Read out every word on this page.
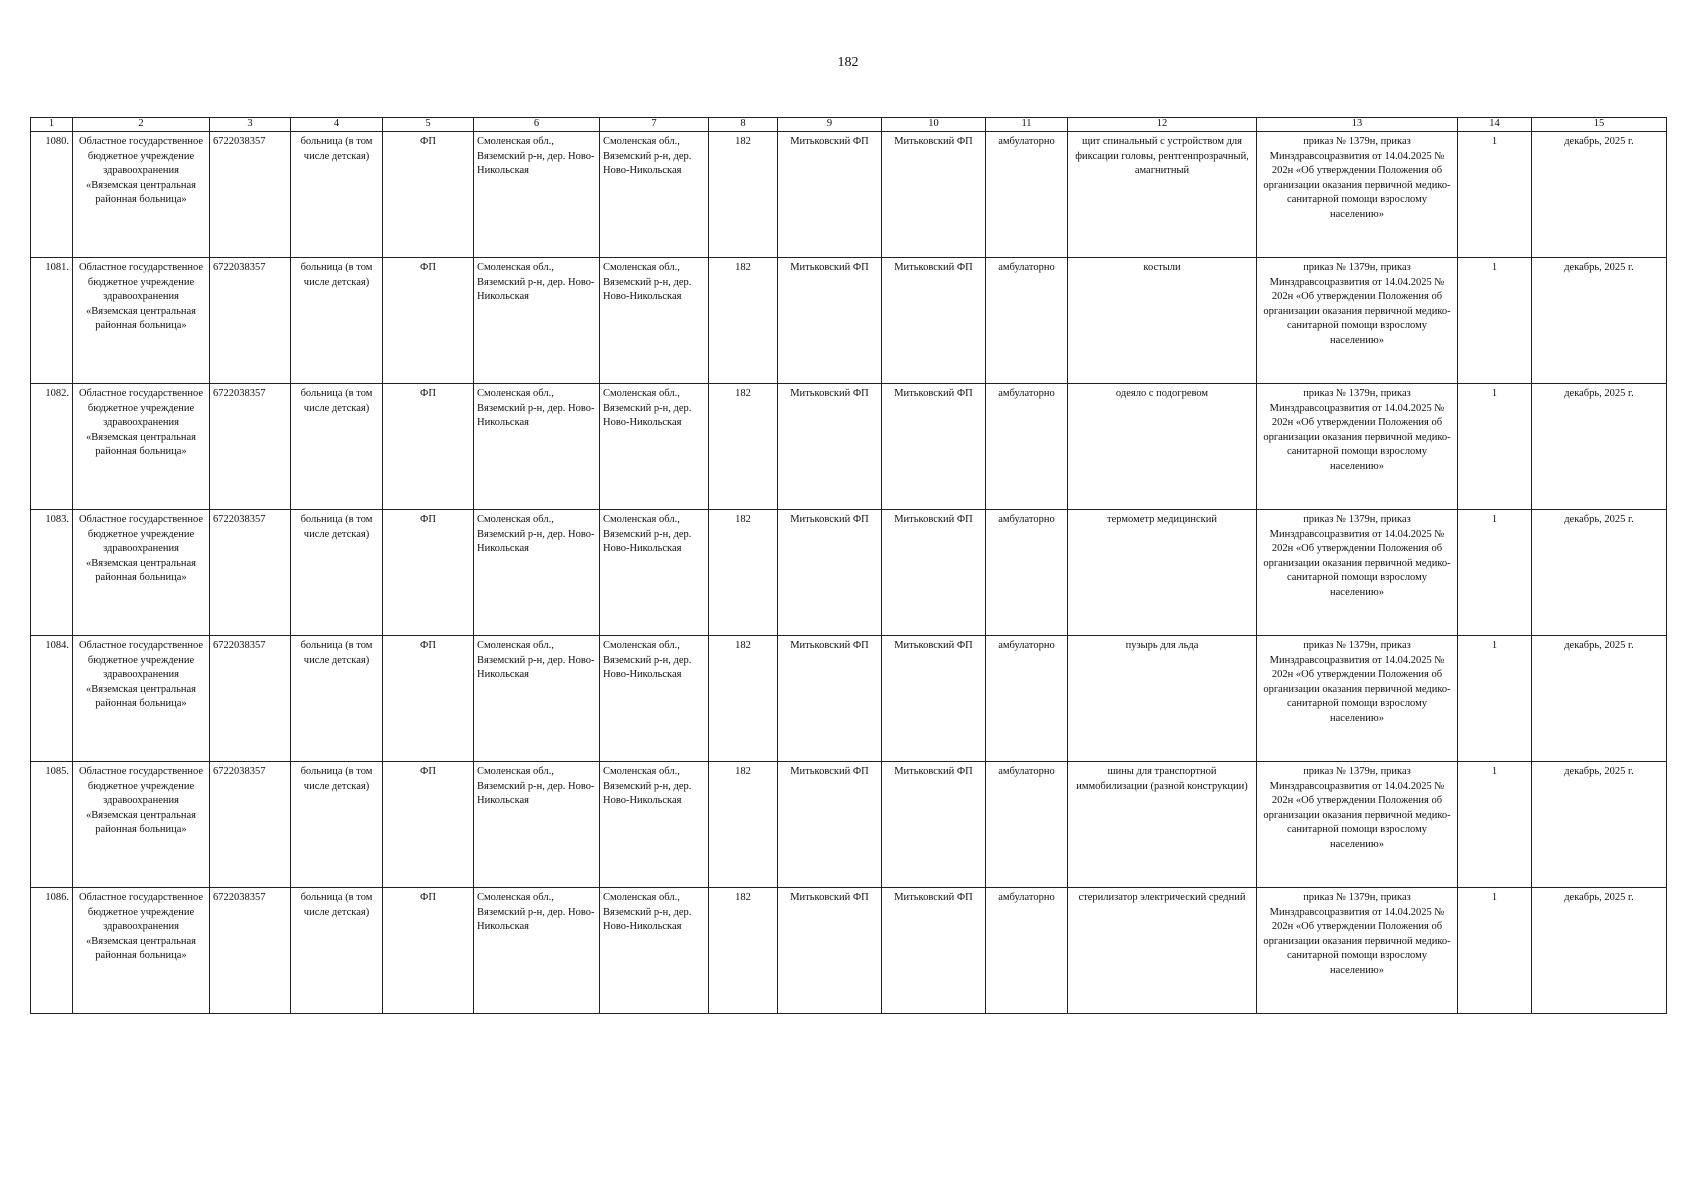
182
1	2	3	4	5	6	7	8	9	10	11	12	13	14	15
1080.	Областное государственное бюджетное учреждение здравоохранения «Вяземская центральная районная больница»	6722038357	больница (в том числе детская)	ФП	Смоленская обл., Вяземский р-н, дер. Ново-Никольская	Смоленская обл., Вяземский р-н, дер. Ново-Никольская	182	Митьковский ФП	Митьковский ФП	амбулаторно	щит спинальный с устройством для фиксации головы, рентгенпрозрачный, амагнитный	приказ № 1379н, приказ Минздравсоцразвития от 14.04.2025 № 202н «Об утверждении Положения об организации оказания первичной медико-санитарной помощи взрослому населению»	1	декабрь, 2025 г.
1081.	Областное государственное бюджетное учреждение здравоохранения «Вяземская центральная районная больница»	6722038357	больница (в том числе детская)	ФП	Смоленская обл., Вяземский р-н, дер. Ново-Никольская	Смоленская обл., Вяземский р-н, дер. Ново-Никольская	182	Митьковский ФП	Митьковский ФП	амбулаторно	костыли	приказ № 1379н, приказ Минздравсоцразвития от 14.04.2025 № 202н «Об утверждении Положения об организации оказания первичной медико-санитарной помощи взрослому населению»	1	декабрь, 2025 г.
1082.	Областное государственное бюджетное учреждение здравоохранения «Вяземская центральная районная больница»	6722038357	больница (в том числе детская)	ФП	Смоленская обл., Вяземский р-н, дер. Ново-Никольская	Смоленская обл., Вяземский р-н, дер. Ново-Никольская	182	Митьковский ФП	Митьковский ФП	амбулаторно	одеяло с подогревом	приказ № 1379н, приказ Минздравсоцразвития от 14.04.2025 № 202н «Об утверждении Положения об организации оказания первичной медико-санитарной помощи взрослому населению»	1	декабрь, 2025 г.
1083.	Областное государственное бюджетное учреждение здравоохранения «Вяземская центральная районная больница»	6722038357	больница (в том числе детская)	ФП	Смоленская обл., Вяземский р-н, дер. Ново-Никольская	Смоленская обл., Вяземский р-н, дер. Ново-Никольская	182	Митьковский ФП	Митьковский ФП	амбулаторно	термометр медицинский	приказ № 1379н, приказ Минздравсоцразвития от 14.04.2025 № 202н «Об утверждении Положения об организации оказания первичной медико-санитарной помощи взрослому населению»	1	декабрь, 2025 г.
1084.	Областное государственное бюджетное учреждение здравоохранения «Вяземская центральная районная больница»	6722038357	больница (в том числе детская)	ФП	Смоленская обл., Вяземский р-н, дер. Ново-Никольская	Смоленская обл., Вяземский р-н, дер. Ново-Никольская	182	Митьковский ФП	Митьковский ФП	амбулаторно	пузырь для льда	приказ № 1379н, приказ Минздравсоцразвития от 14.04.2025 № 202н «Об утверждении Положения об организации оказания первичной медико-санитарной помощи взрослому населению»	1	декабрь, 2025 г.
1085.	Областное государственное бюджетное учреждение здравоохранения «Вяземская центральная районная больница»	6722038357	больница (в том числе детская)	ФП	Смоленская обл., Вяземский р-н, дер. Ново-Никольская	Смоленская обл., Вяземский р-н, дер. Ново-Никольская	182	Митьковский ФП	Митьковский ФП	амбулаторно	шины для транспортной иммобилизации (разной конструкции)	приказ № 1379н, приказ Минздравсоцразвития от 14.04.2025 № 202н «Об утверждении Положения об организации оказания первичной медико-санитарной помощи взрослому населению»	1	декабрь, 2025 г.
1086.	Областное государственное бюджетное учреждение здравоохранения «Вяземская центральная районная больница»	6722038357	больница (в том числе детская)	ФП	Смоленская обл., Вяземский р-н, дер. Ново-Никольская	Смоленская обл., Вяземский р-н, дер. Ново-Никольская	182	Митьковский ФП	Митьковский ФП	амбулаторно	стерилизатор электрический средний	приказ № 1379н, приказ Минздравсоцразвития от 14.04.2025 № 202н «Об утверждении Положения об организации оказания первичной медико-санитарной помощи взрослому населению»	1	декабрь, 2025 г.
